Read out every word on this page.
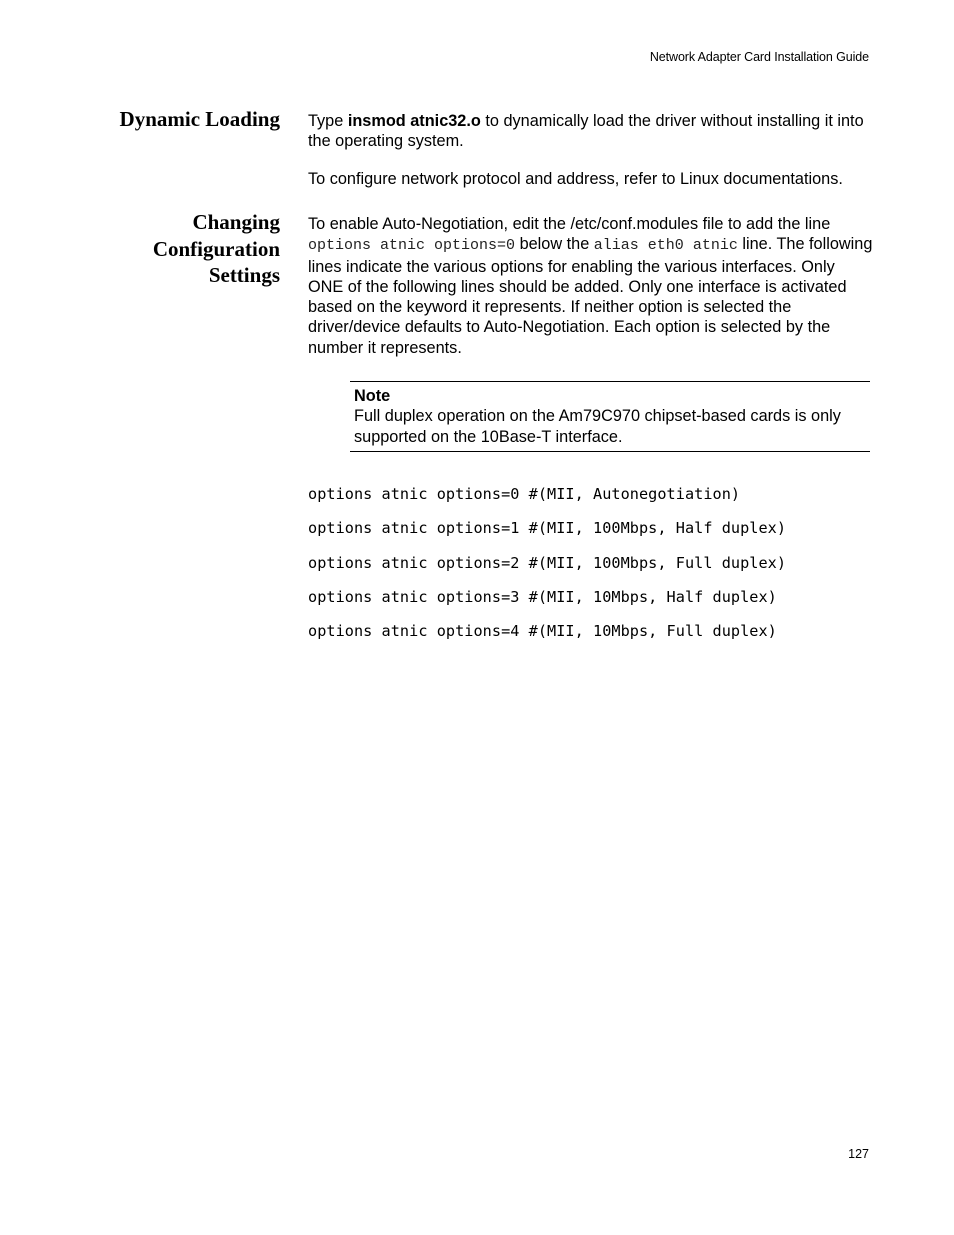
Network Adapter Card Installation Guide
Dynamic Loading Type insmod atnic32.o to dynamically load the driver without installing it into the operating system.
To configure network protocol and address, refer to Linux documentations.
Changing
Configuration
Settings
To enable Auto-Negotiation, edit the /etc/conf.modules file to add the line options atnic options=0 below the alias eth0 atnic line. The following lines indicate the various options for enabling the various interfaces. Only ONE of the following lines should be added. Only one interface is activated based on the keyword it represents. If neither option is selected the driver/device defaults to Auto-Negotiation. Each option is selected by the number it represents.
Note
Full duplex operation on the Am79C970 chipset-based cards is only supported on the 10Base-T interface.
options atnic options=0 #(MII, Autonegotiation)
options atnic options=1 #(MII, 100Mbps, Half duplex)
options atnic options=2 #(MII, 100Mbps, Full duplex)
options atnic options=3 #(MII, 10Mbps, Half duplex)
options atnic options=4 #(MII, 10Mbps, Full duplex)
127
